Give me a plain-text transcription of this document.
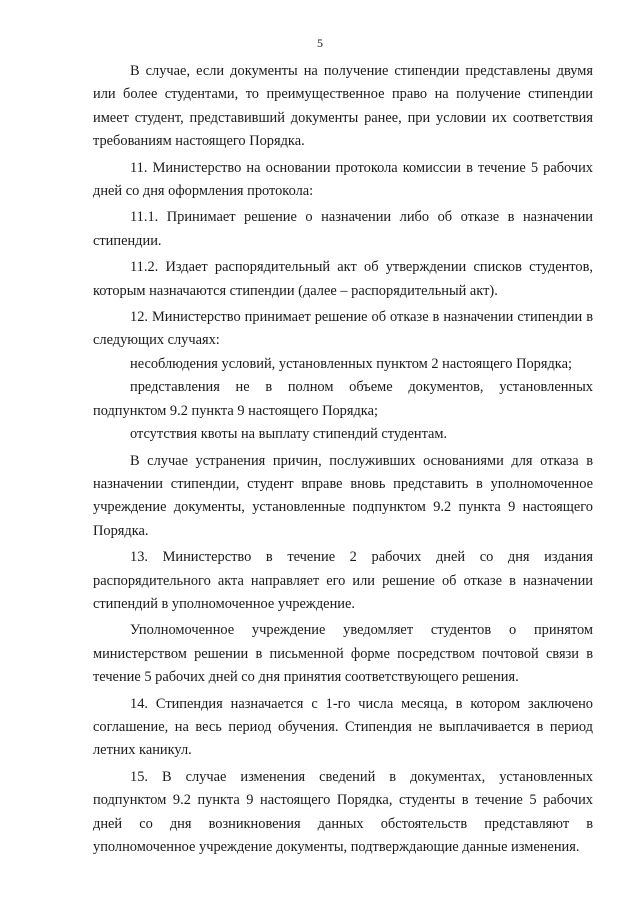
5

В случае, если документы на получение стипендии представлены двумя или более студентами, то преимущественное право на получение стипендии имеет студент, представивший документы ранее, при условии их соответствия требованиям настоящего Порядка.

11. Министерство на основании протокола комиссии в течение 5 рабочих дней со дня оформления протокола:

11.1. Принимает решение о назначении либо об отказе в назначении стипендии.

11.2. Издает распорядительный акт об утверждении списков студентов, которым назначаются стипендии (далее – распорядительный акт).

12. Министерство принимает решение об отказе в назначении стипендии в следующих случаях:

несоблюдения условий, установленных пунктом 2 настоящего Порядка;

представления не в полном объеме документов, установленных подпунктом 9.2 пункта 9 настоящего Порядка;

отсутствия квоты на выплату стипендий студентам.

В случае устранения причин, послуживших основаниями для отказа в назначении стипендии, студент вправе вновь представить в уполномоченное учреждение документы, установленные подпунктом 9.2 пункта 9 настоящего Порядка.

13. Министерство в течение 2 рабочих дней со дня издания распорядительного акта направляет его или решение об отказе в назначении стипендий в уполномоченное учреждение.

Уполномоченное учреждение уведомляет студентов о принятом министерством решении в письменной форме посредством почтовой связи в течение 5 рабочих дней со дня принятия соответствующего решения.

14. Стипендия назначается с 1-го числа месяца, в котором заключено соглашение, на весь период обучения. Стипендия не выплачивается в период летних каникул.

15. В случае изменения сведений в документах, установленных подпунктом 9.2 пункта 9 настоящего Порядка, студенты в течение 5 рабочих дней со дня возникновения данных обстоятельств представляют в уполномоченное учреждение документы, подтверждающие данные изменения.
